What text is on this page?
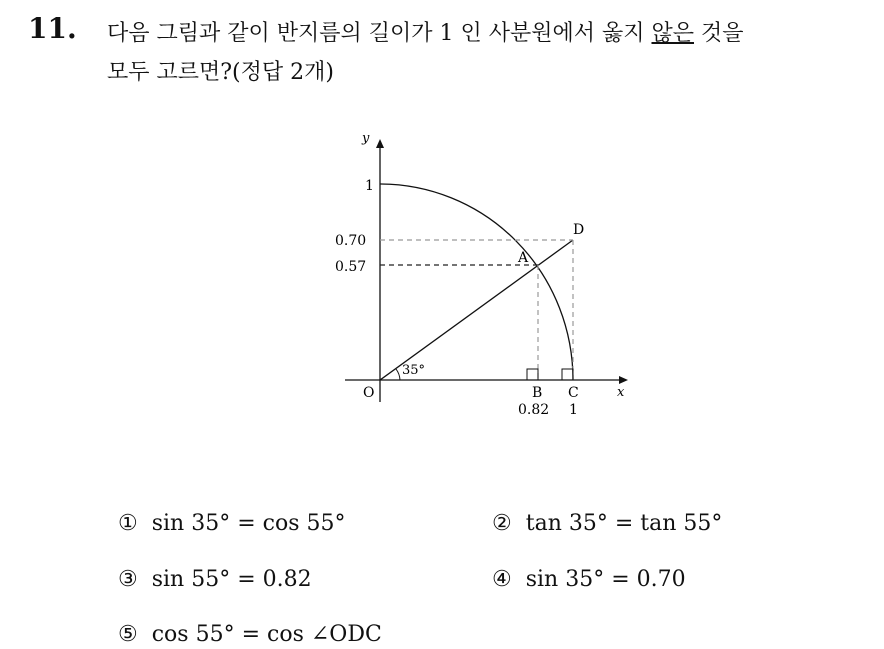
11. 다음 그림과 같이 반지름의 길이가 1 인 사분원에서 옳지 않은 것을
모두 고르면?(정답 2개)
y
x
1
0.70
0.57
O
A
D
B C
0.82 1
35°
① sin 35° = cos 55°	② tan 35° = tan 55°
③ sin 55° = 0.82	④ sin 35° = 0.70
⑤ cos 55° = cos ∠ODC
